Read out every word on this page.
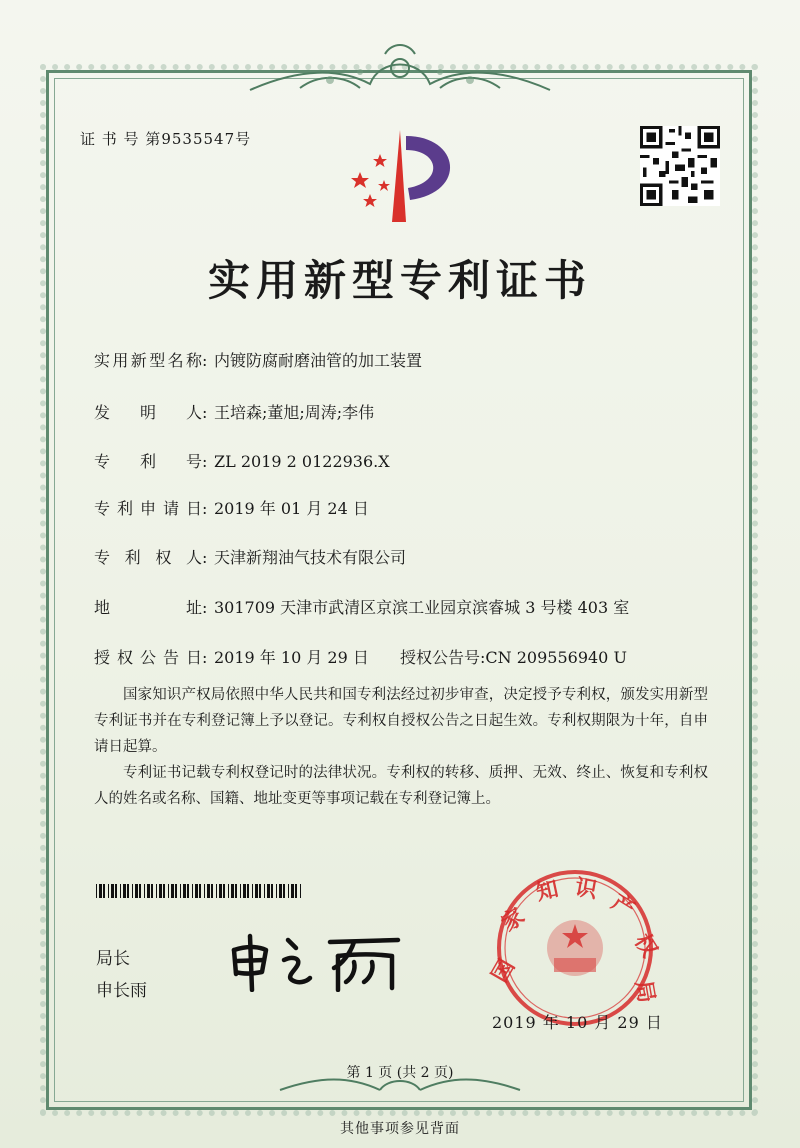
证 书 号 第9535547号
实用新型专利证书
实用新型名称: 内镀防腐耐磨油管的加工装置
发 明 人: 王培森;董旭;周涛;李伟
专 利 号: ZL 2019 2 0122936.X
专利申请日: 2019 年 01 月 24 日
专 利 权 人: 天津新翔油气技术有限公司
地 址: 301709 天津市武清区京滨工业园京滨睿城 3 号楼 403 室
授权公告日: 2019 年 10 月 29 日 授权公告号:CN 209556940 U
国家知识产权局依照中华人民共和国专利法经过初步审查，决定授予专利权，颁发实用新型专利证书并在专利登记簿上予以登记。专利权自授权公告之日起生效。专利权期限为十年，自申请日起算。
专利证书记载专利权登记时的法律状况。专利权的转移、质押、无效、终止、恢复和专利权人的姓名或名称、国籍、地址变更等事项记载在专利登记簿上。
局长
申长雨
国
家
知 识
产
权
局
2019 年 10 月 29 日
第 1 页 (共 2 页)
其他事项参见背面
